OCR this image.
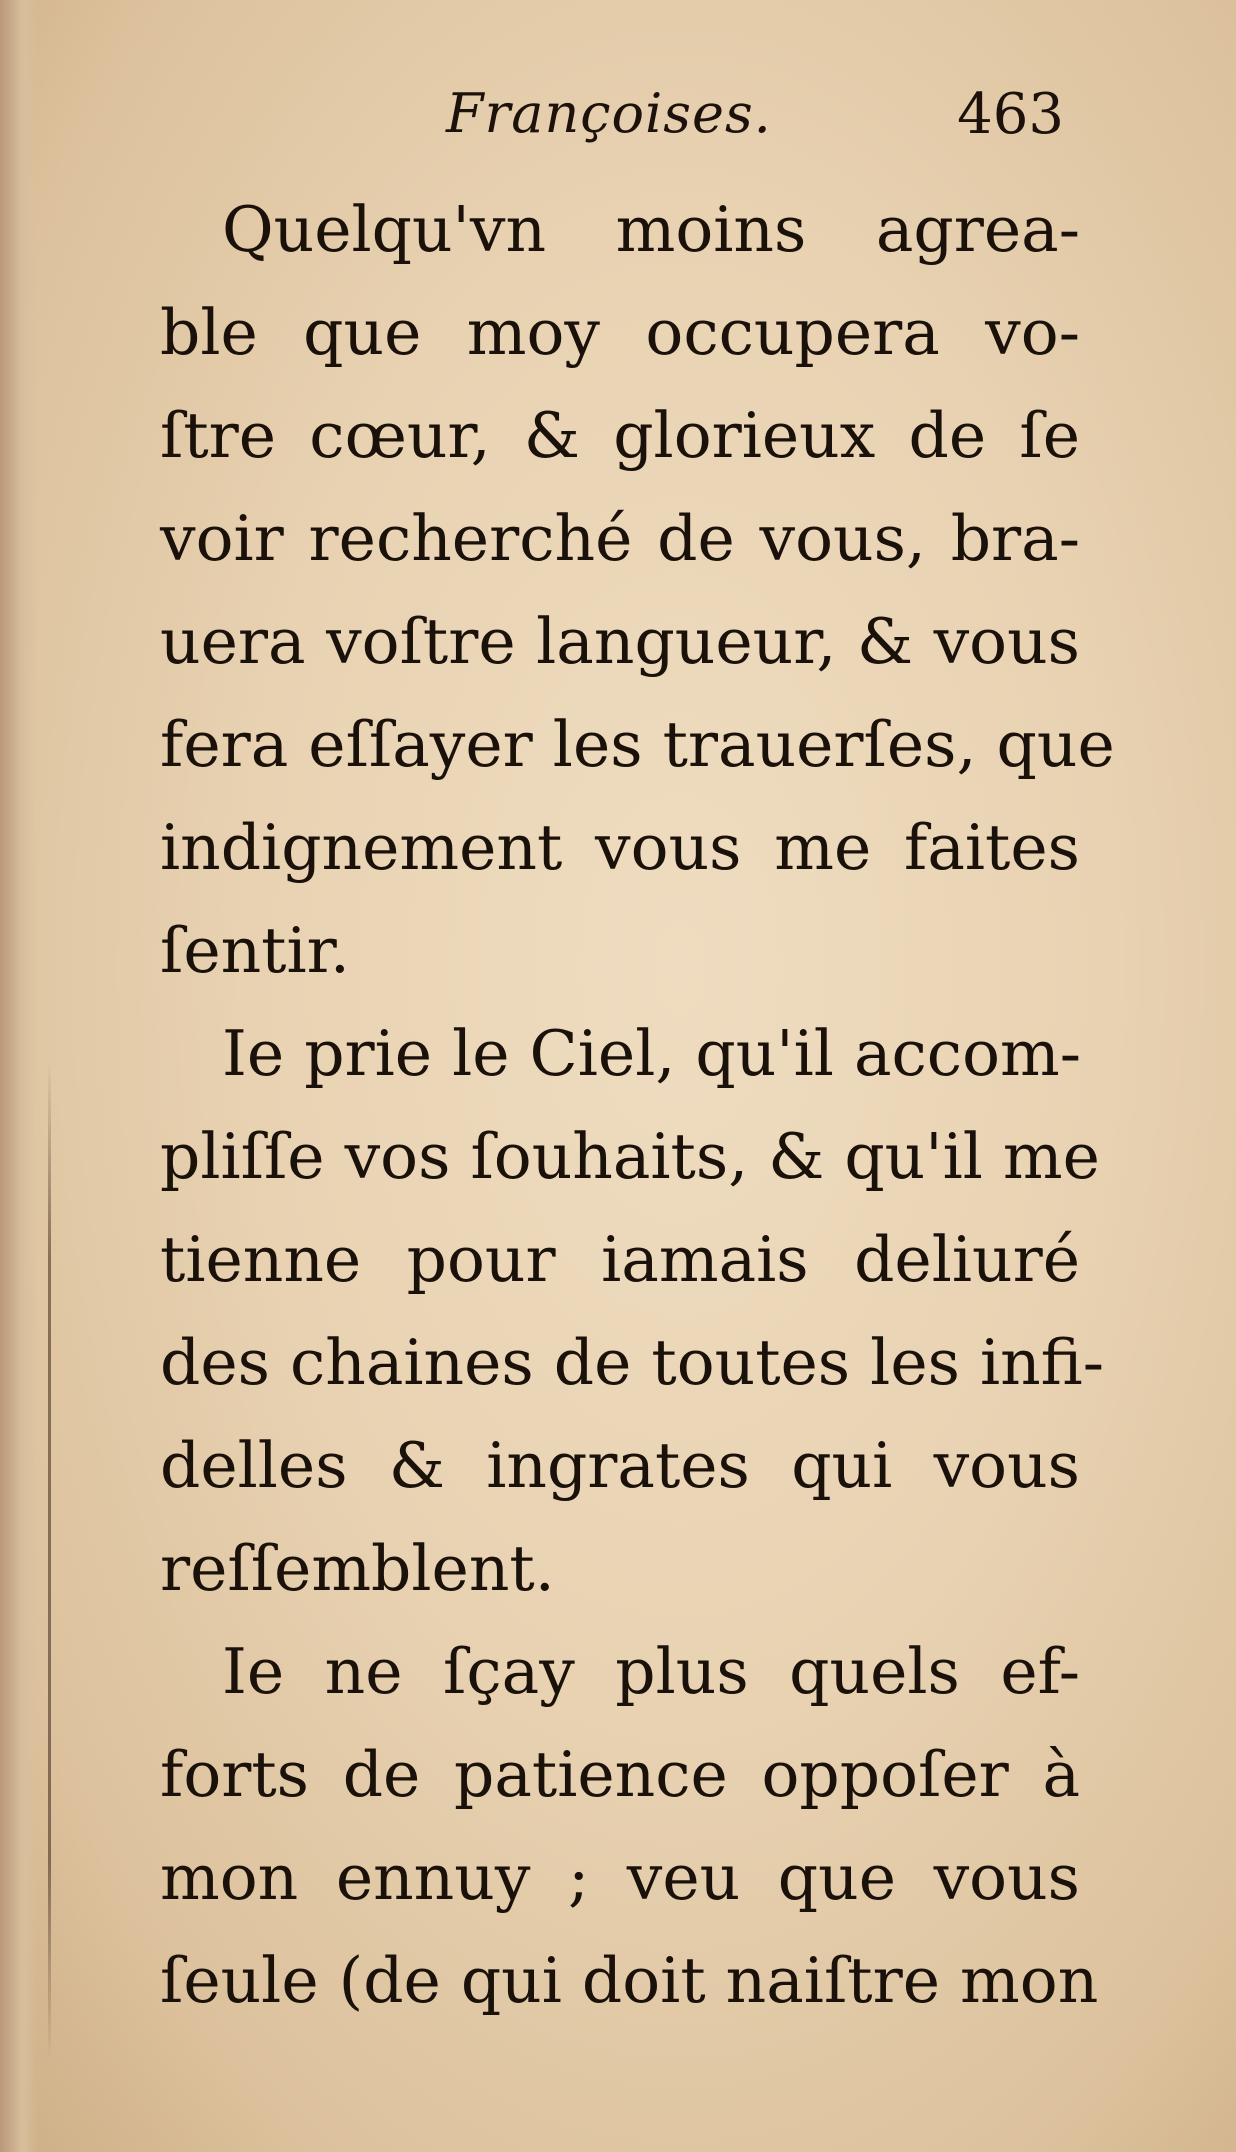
Françoises.	463
Quelqu'vn moins agrea-
ble que moy occupera vo-
ſtre cœur, & glorieux de ſe
voir recherché de vous, bra-
uera voſtre langueur, & vous
fera eſſayer les trauerſes, que
indignement vous me faites
ſentir.
Ie prie le Ciel, qu'il accom-
pliſſe vos ſouhaits, & qu'il me
tienne pour iamais deliuré
des chaines de toutes les infi-
delles & ingrates qui vous
reſſemblent.
Ie ne ſçay plus quels ef-
forts de patience oppoſer à
mon ennuy ; veu que vous
ſeule (de qui doit naiſtre mon
